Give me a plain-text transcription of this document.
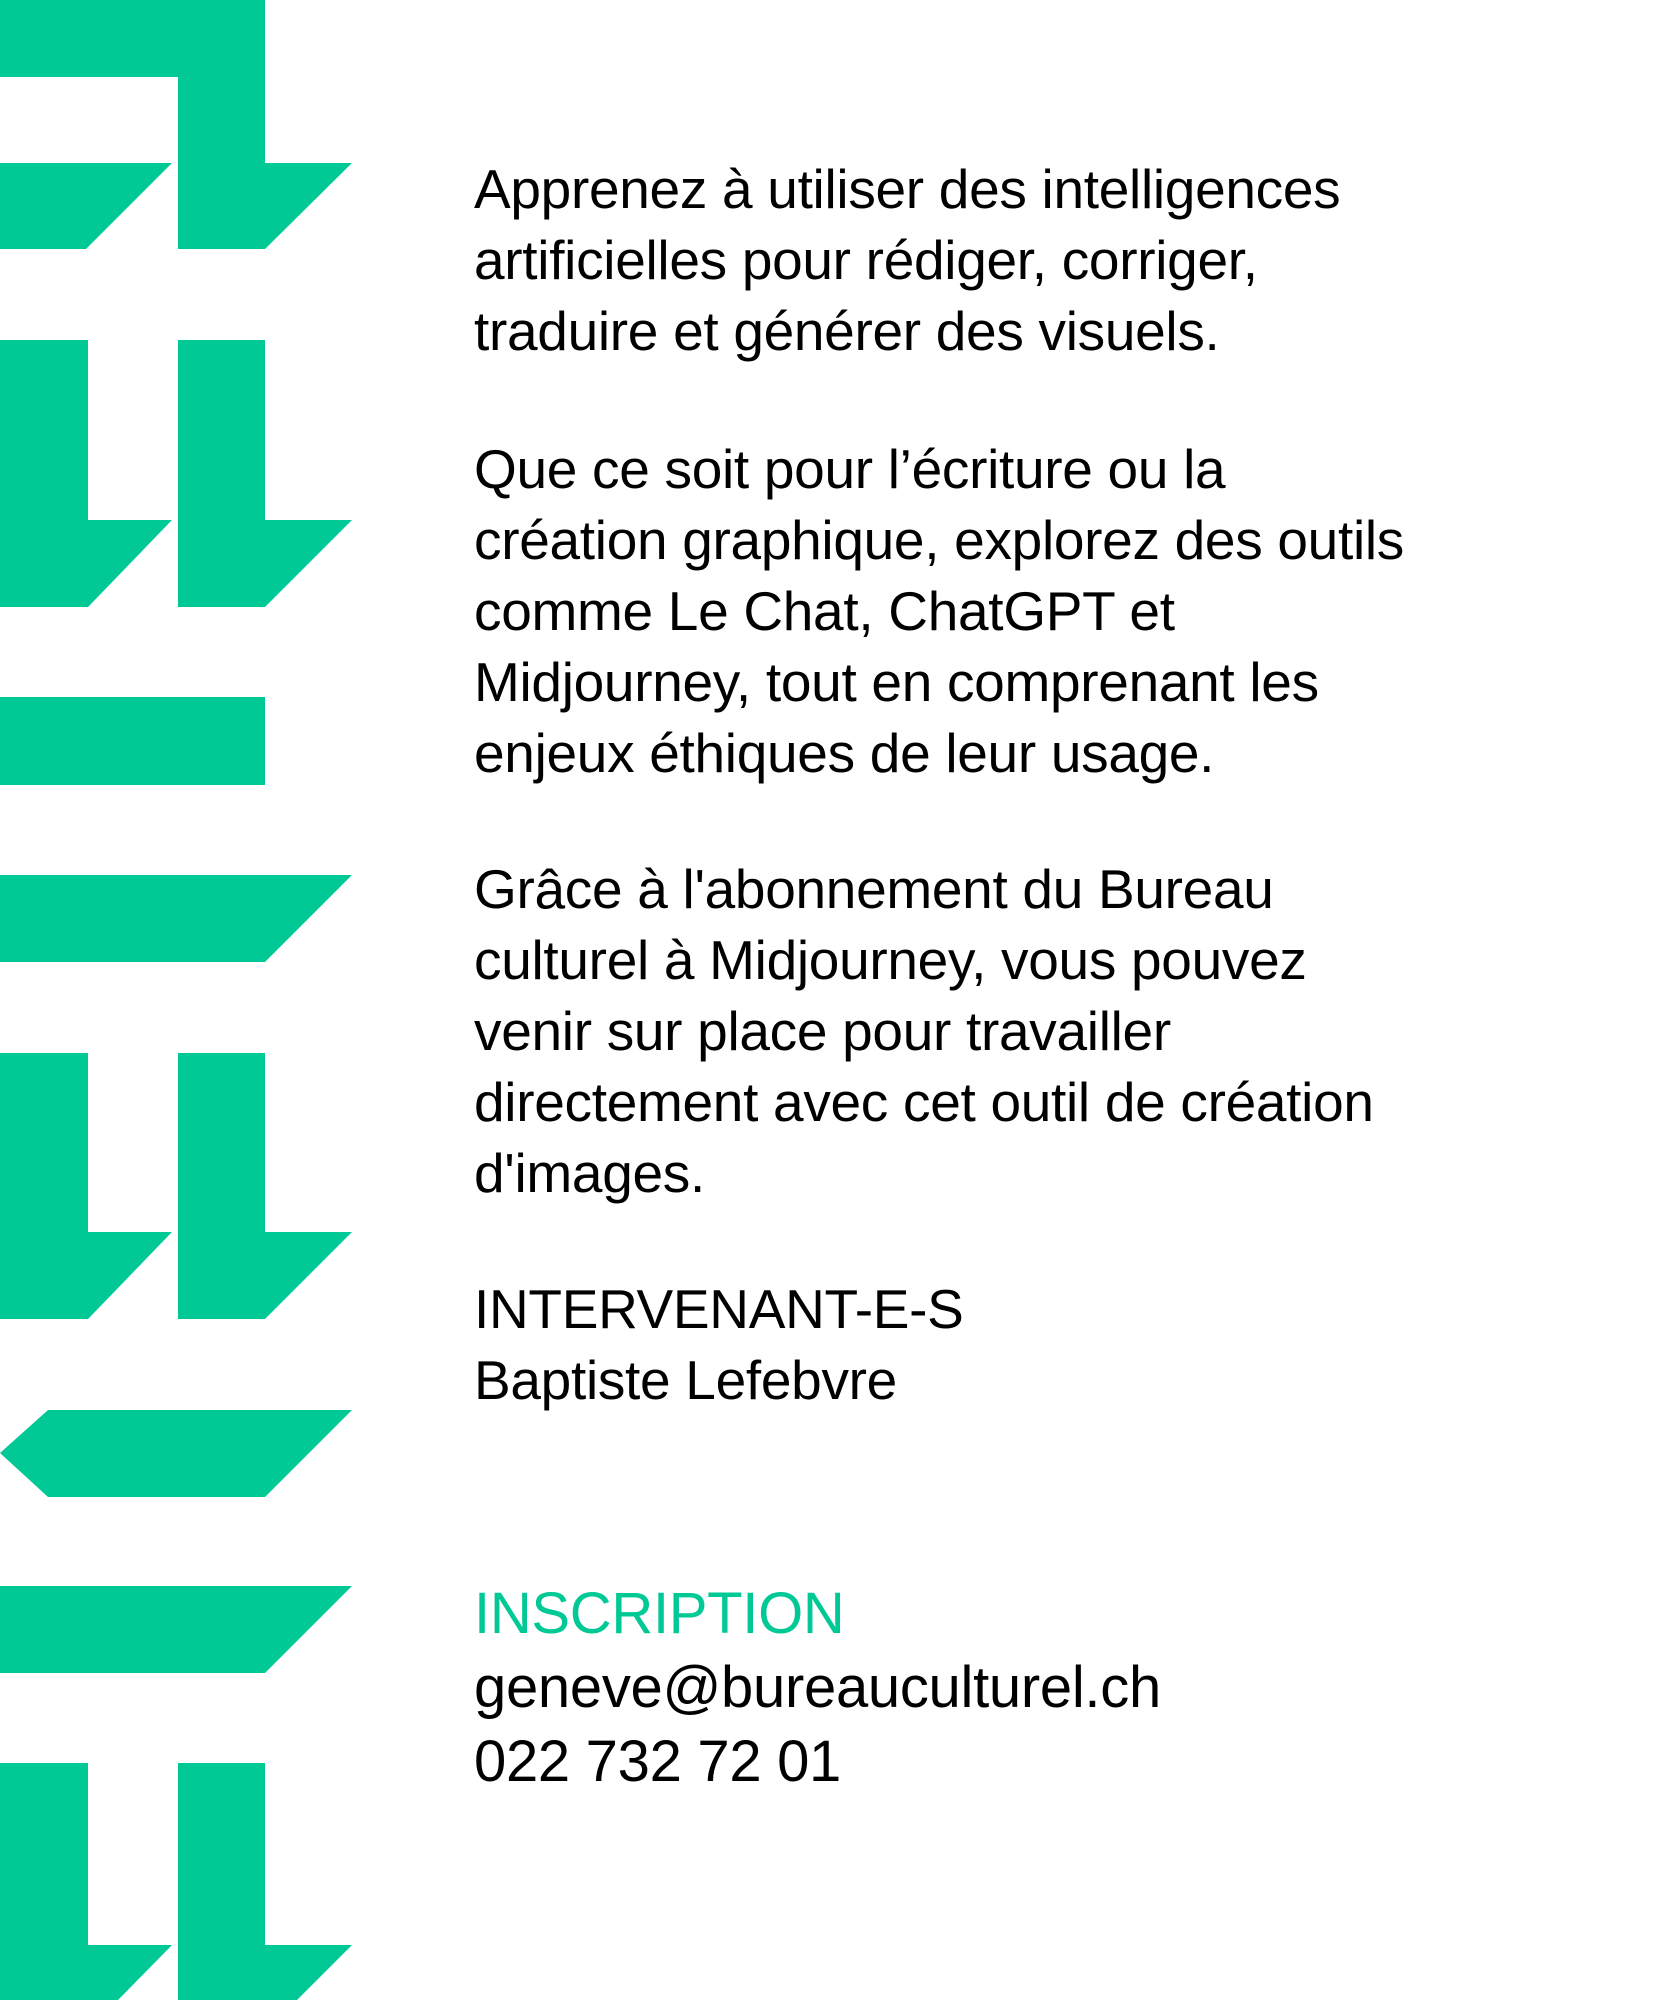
Apprenez à utiliser des intelligences
artificielles pour rédiger, corriger,
traduire et générer des visuels.

Que ce soit pour l’écriture ou la
création graphique, explorez des outils
comme Le Chat, ChatGPT et
Midjourney, tout en comprenant les
enjeux éthiques de leur usage.

Grâce à l'abonnement du Bureau
culturel à Midjourney, vous pouvez
venir sur place pour travailler
directement avec cet outil de création
d'images.

INTERVENANT-E-S
Baptiste Lefebvre

INSCRIPTION
geneve@bureauculturel.ch
022 732 72 01
